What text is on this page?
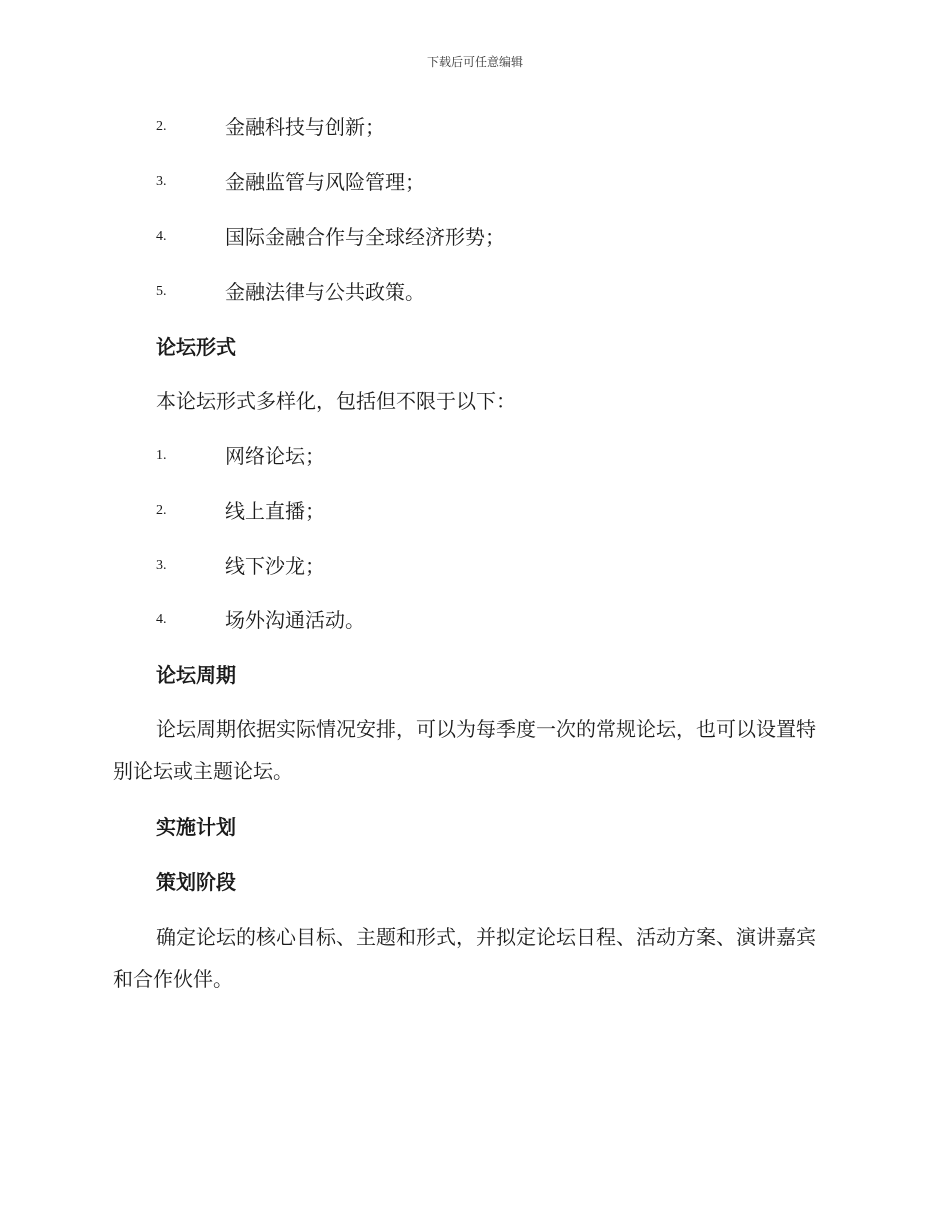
下载后可任意编辑
2.	金融科技与创新；
3.	金融监管与风险管理；
4.	国际金融合作与全球经济形势；
5.	金融法律与公共政策。
论坛形式
本论坛形式多样化，包括但不限于以下：
1.	网络论坛；
2.	线上直播；
3.	线下沙龙；
4.	场外沟通活动。
论坛周期
论坛周期依据实际情况安排，可以为每季度一次的常规论坛，也可以设置特别论坛或主题论坛。
实施计划
策划阶段
确定论坛的核心目标、主题和形式，并拟定论坛日程、活动方案、演讲嘉宾和合作伙伴。
